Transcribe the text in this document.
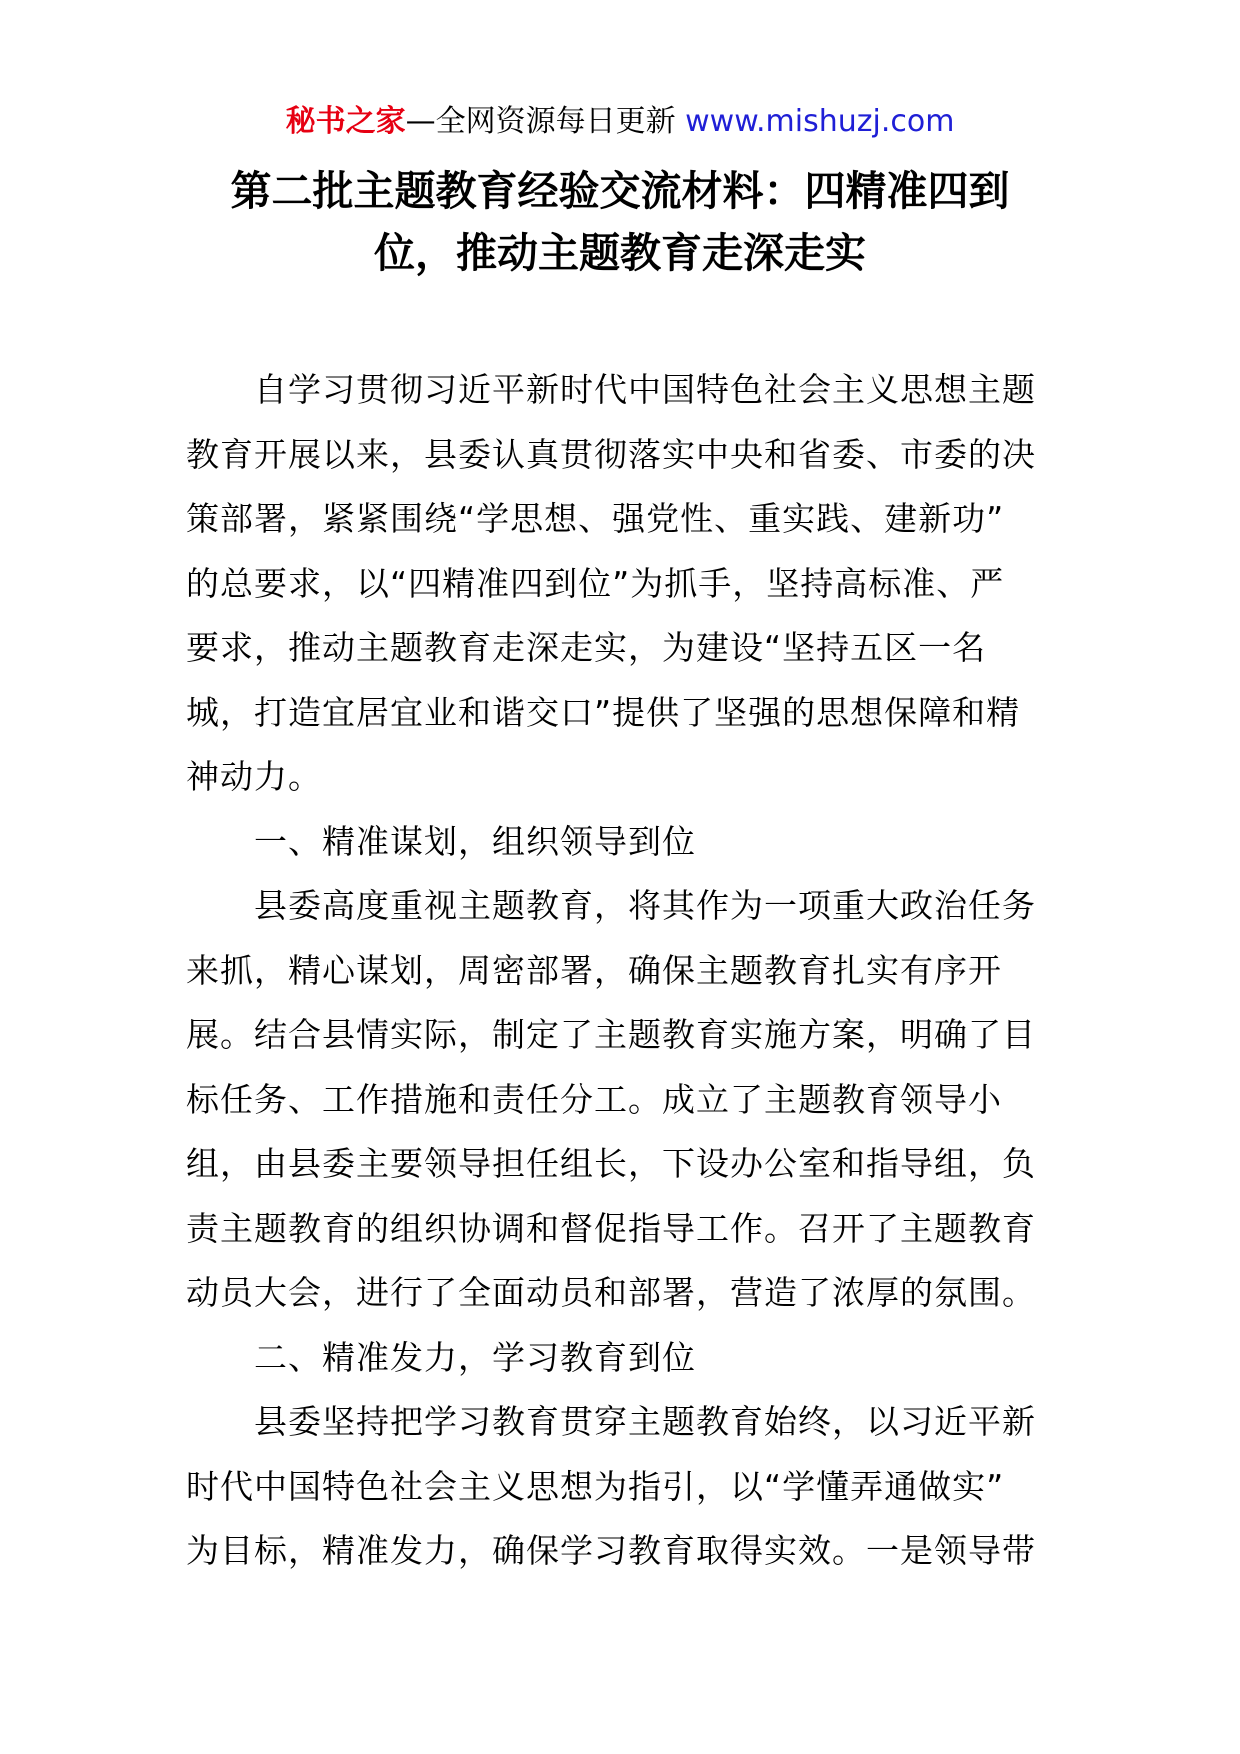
秘书之家—全网资源每日更新 www.mishuzj.com
第二批主题教育经验交流材料：四精准四到
位，推动主题教育走深走实

自学习贯彻习近平新时代中国特色社会主义思想主题
教育开展以来，县委认真贯彻落实中央和省委、市委的决
策部署，紧紧围绕“学思想、强党性、重实践、建新功”
的总要求，以“四精准四到位”为抓手，坚持高标准、严
要求，推动主题教育走深走实，为建设“坚持五区一名
城，打造宜居宜业和谐交口”提供了坚强的思想保障和精
神动力。

一、精准谋划，组织领导到位

县委高度重视主题教育，将其作为一项重大政治任务
来抓，精心谋划，周密部署，确保主题教育扎实有序开
展。结合县情实际，制定了主题教育实施方案，明确了目
标任务、工作措施和责任分工。成立了主题教育领导小
组，由县委主要领导担任组长，下设办公室和指导组，负
责主题教育的组织协调和督促指导工作。召开了主题教育
动员大会，进行了全面动员和部署，营造了浓厚的氛围。

二、精准发力，学习教育到位

县委坚持把学习教育贯穿主题教育始终，以习近平新
时代中国特色社会主义思想为指引，以“学懂弄通做实”
为目标，精准发力，确保学习教育取得实效。一是领导带
